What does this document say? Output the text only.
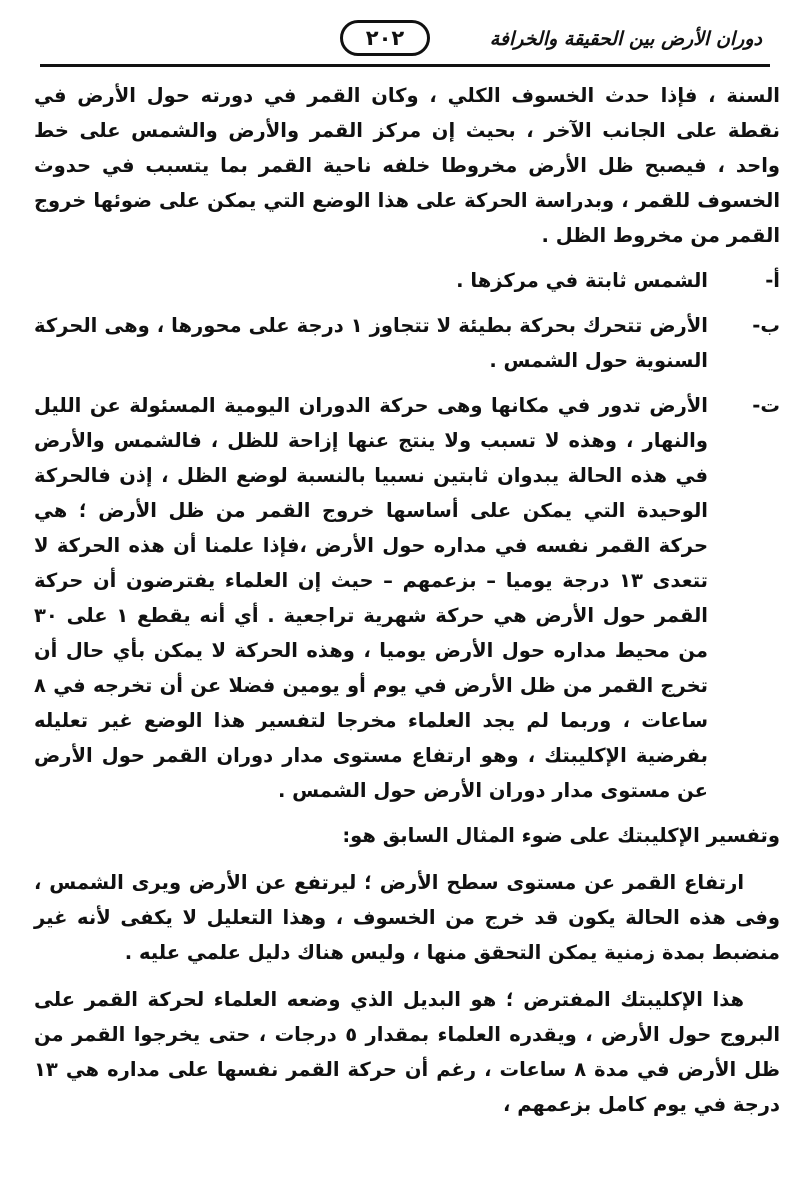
دوران الأرض بين الحقيقة والخرافة
٢٠٢

السنة ، فإذا حدث الخسوف الكلي ، وكان القمر في دورته حول الأرض في نقطة على الجانب الآخر ، بحيث إن مركز القمر والأرض والشمس على خط واحد ، فيصبح ظل الأرض مخروطا خلفه ناحية القمر بما يتسبب في حدوث الخسوف للقمر ، وبدراسة الحركة على هذا الوضع التي يمكن على ضوئها خروج القمر من مخروط الظل .

أ-
الشمس ثابتة في مركزها .

ب-
الأرض تتحرك بحركة بطيئة لا تتجاوز ١ درجة على محورها ، وهى الحركة السنوية حول الشمس .

ت-
الأرض تدور في مكانها وهى حركة الدوران اليومية المسئولة عن الليل والنهار ، وهذه لا تسبب ولا ينتج عنها إزاحة للظل ، فالشمس والأرض في هذه الحالة يبدوان ثابتين نسبيا بالنسبة لوضع الظل ، إذن فالحركة الوحيدة التي يمكن على أساسها خروج القمر من ظل الأرض ؛ هي حركة القمر نفسه في مداره حول الأرض ،فإذا علمنا أن هذه الحركة لا تتعدى ١٣ درجة يوميا – بزعمهم – حيث إن العلماء يفترضون أن حركة القمر حول الأرض هي حركة شهرية تراجعية . أي أنه يقطع ١ على ٣٠ من محيط مداره حول الأرض يوميا ، وهذه الحركة لا يمكن بأي حال أن تخرج القمر من ظل الأرض في يوم أو يومين فضلا عن أن تخرجه في ٨ ساعات ، وربما لم يجد العلماء مخرجا لتفسير هذا الوضع غير تعليله بفرضية الإكليبتك ، وهو ارتفاع مستوى مدار دوران القمر حول الأرض عن مستوى مدار دوران الأرض حول الشمس .

وتفسير الإكليبتك على ضوء المثال السابق هو:

ارتفاع القمر عن مستوى سطح الأرض ؛ ليرتفع عن الأرض ويرى الشمس ، وفى هذه الحالة يكون قد خرج من الخسوف ، وهذا التعليل لا يكفى لأنه غير منضبط بمدة زمنية يمكن التحقق منها ، وليس هناك دليل علمي عليه .

هذا الإكليبتك المفترض ؛ هو البديل الذي وضعه العلماء لحركة القمر على البروج حول الأرض ، ويقدره العلماء بمقدار ٥ درجات ، حتى يخرجوا القمر من ظل الأرض في مدة ٨ ساعات ، رغم أن حركة القمر نفسها على مداره هي ١٣ درجة في يوم كامل بزعمهم ،
